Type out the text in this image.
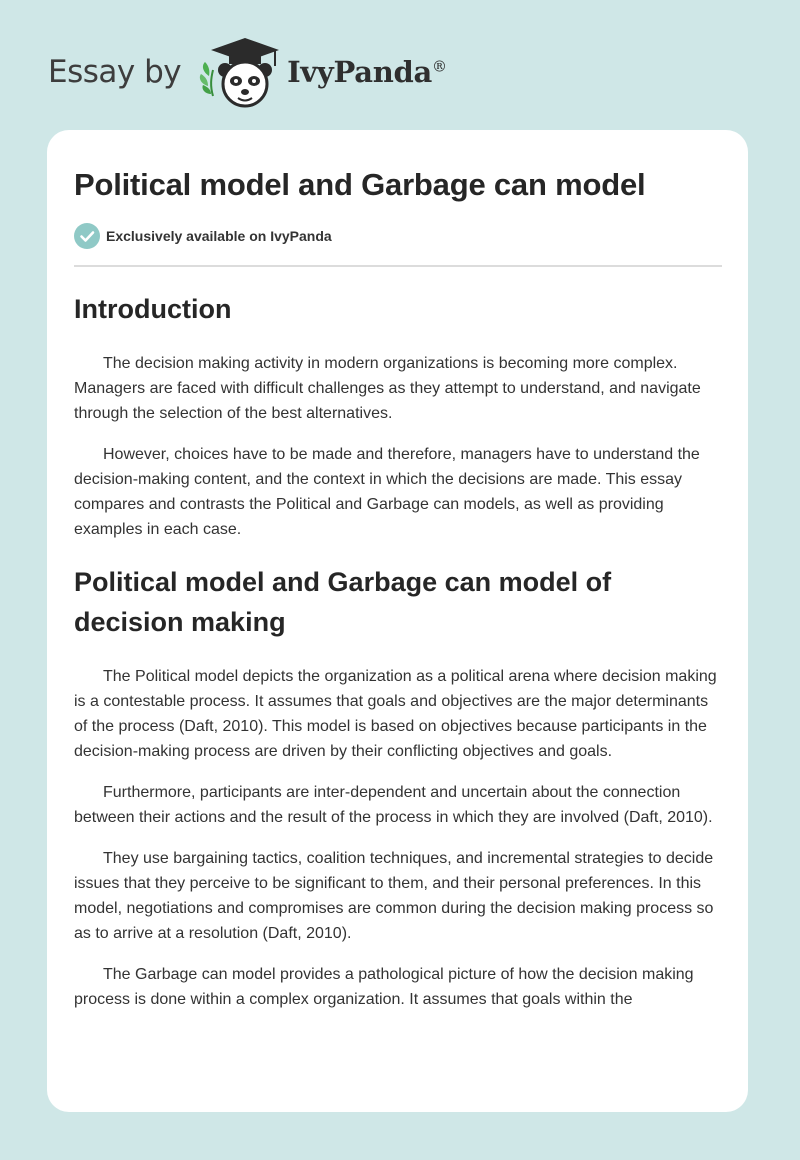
Essay by	IvyPanda®
Political model and Garbage can model
Exclusively available on IvyPanda
Introduction

The decision making activity in modern organizations is becoming more complex. Managers are faced with difficult challenges as they attempt to understand, and navigate through the selection of the best alternatives.

However, choices have to be made and therefore, managers have to understand the decision-making content, and the context in which the decisions are made. This essay compares and contrasts the Political and Garbage can models, as well as providing examples in each case.

Political model and Garbage can model of decision making

The Political model depicts the organization as a political arena where decision making is a contestable process. It assumes that goals and objectives are the major determinants of the process (Daft, 2010). This model is based on objectives because participants in the decision-making process are driven by their conflicting objectives and goals.

Furthermore, participants are inter-dependent and uncertain about the connection between their actions and the result of the process in which they are involved (Daft, 2010).

They use bargaining tactics, coalition techniques, and incremental strategies to decide issues that they perceive to be significant to them, and their personal preferences. In this model, negotiations and compromises are common during the decision making process so as to arrive at a resolution (Daft, 2010).

The Garbage can model provides a pathological picture of how the decision making process is done within a complex organization. It assumes that goals within the
